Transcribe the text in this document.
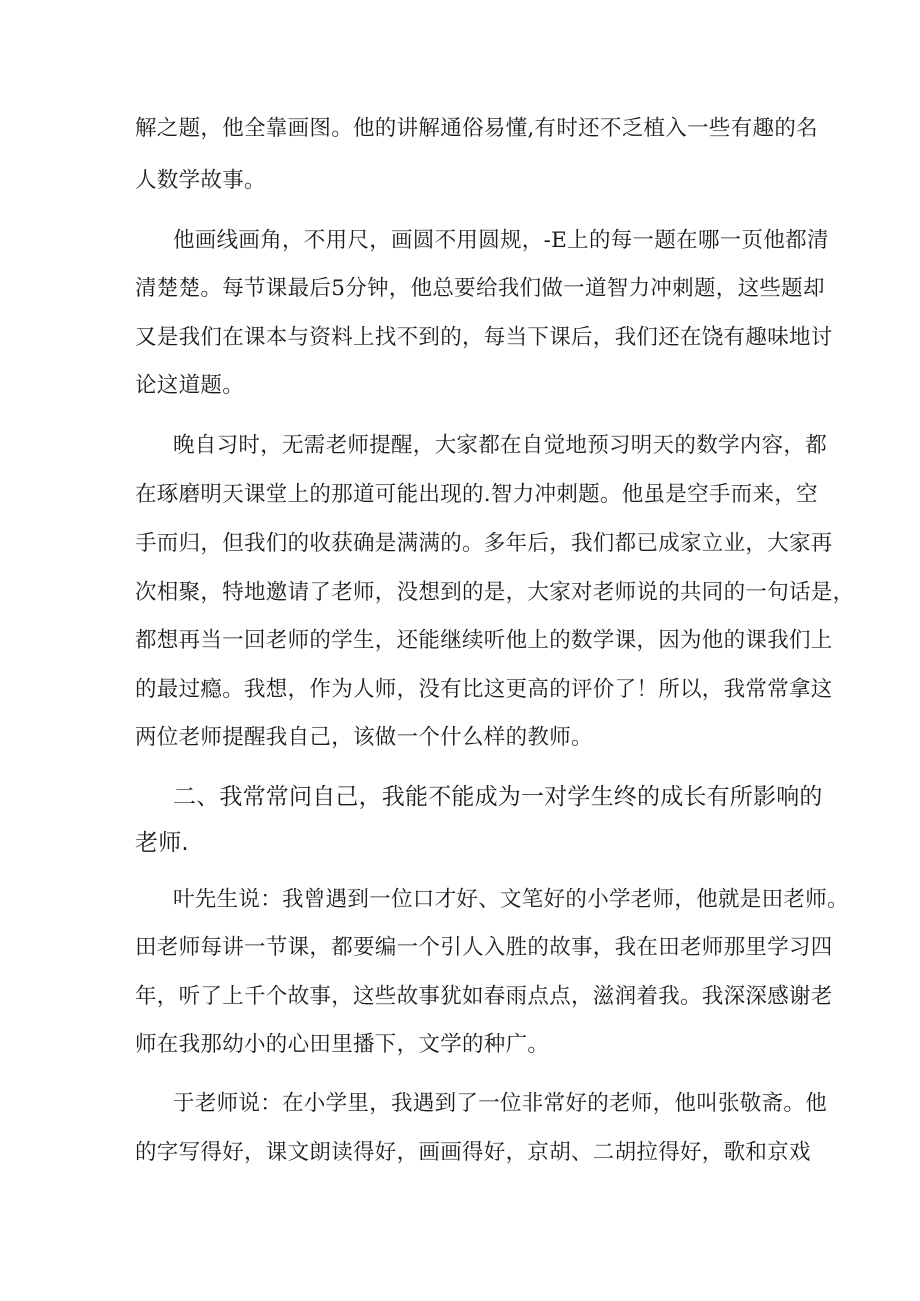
解之题，他全靠画图。他的讲解通俗易懂,有时还不乏植入一些有趣的名
人数学故事。
他画线画角，不用尺，画圆不用圆规，-E上的每一题在哪一页他都清
清楚楚。每节课最后5分钟，他总要给我们做一道智力冲刺题，这些题却
又是我们在课本与资料上找不到的，每当下课后，我们还在饶有趣味地讨
论这道题。
晚自习时，无需老师提醒，大家都在自觉地预习明天的数学内容，都
在琢磨明天课堂上的那道可能出现的.智力冲刺题。他虽是空手而来，空
手而归，但我们的收获确是满满的。多年后，我们都已成家立业，大家再
次相聚，特地邀请了老师，没想到的是，大家对老师说的共同的一句话是，
都想再当一回老师的学生，还能继续听他上的数学课，因为他的课我们上
的最过瘾。我想，作为人师，没有比这更高的评价了！所以，我常常拿这
两位老师提醒我自己，该做一个什么样的教师。
二、我常常问自己，我能不能成为一对学生终的成长有所影响的
老师.
叶先生说：我曾遇到一位口才好、文笔好的小学老师，他就是田老师。
田老师每讲一节课，都要编一个引人入胜的故事，我在田老师那里学习四
年，听了上千个故事，这些故事犹如春雨点点，滋润着我。我深深感谢老
师在我那幼小的心田里播下，文学的种广。
于老师说：在小学里，我遇到了一位非常好的老师，他叫张敬斋。他
的字写得好，课文朗读得好，画画得好，京胡、二胡拉得好，歌和京戏
